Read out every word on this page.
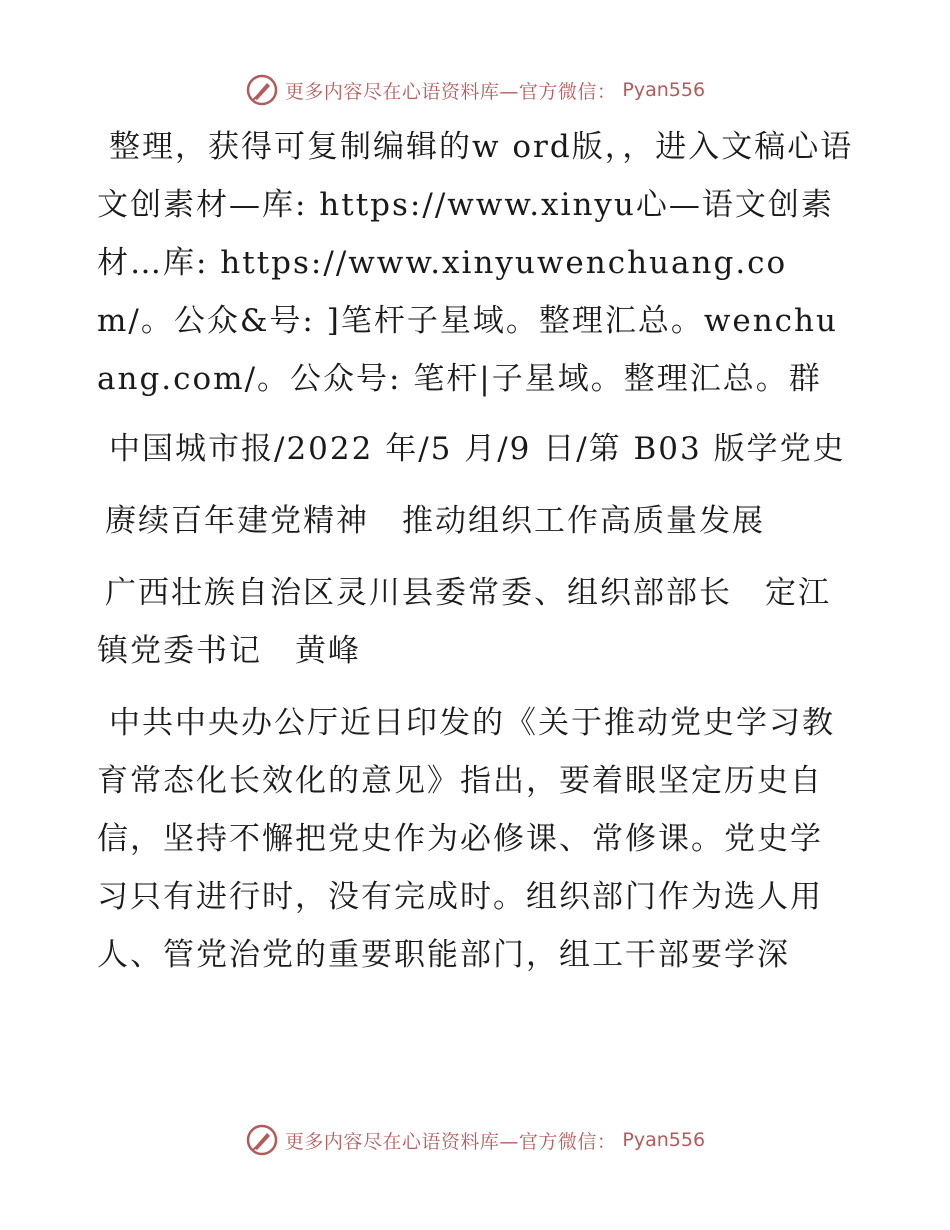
更多内容尽在心语资料库—官方微信： Pyan556

整理，获得可复制编辑的w ord版，，进入文稿心语文创素材—库: https://www.xinyu心—语文创素材…库: https://www.xinyuwenchuang.com/。公众&号: ]笔杆子星域。整理汇总。wenchuang.com/。公众号: 笔杆|子星域。整理汇总。群

中国城市报/2022 年/5 月/9 日/第 B03 版学党史

赓续百年建党精神　推动组织工作高质量发展

广西壮族自治区灵川县委常委、组织部部长　定江镇党委书记　黄峰

中共中央办公厅近日印发的《关于推动党史学习教育常态化长效化的意见》指出，要着眼坚定历史自信，坚持不懈把党史作为必修课、常修课。党史学习只有进行时，没有完成时。组织部门作为选人用人、管党治党的重要职能部门，组工干部要学深

更多内容尽在心语资料库—官方微信： Pyan556
